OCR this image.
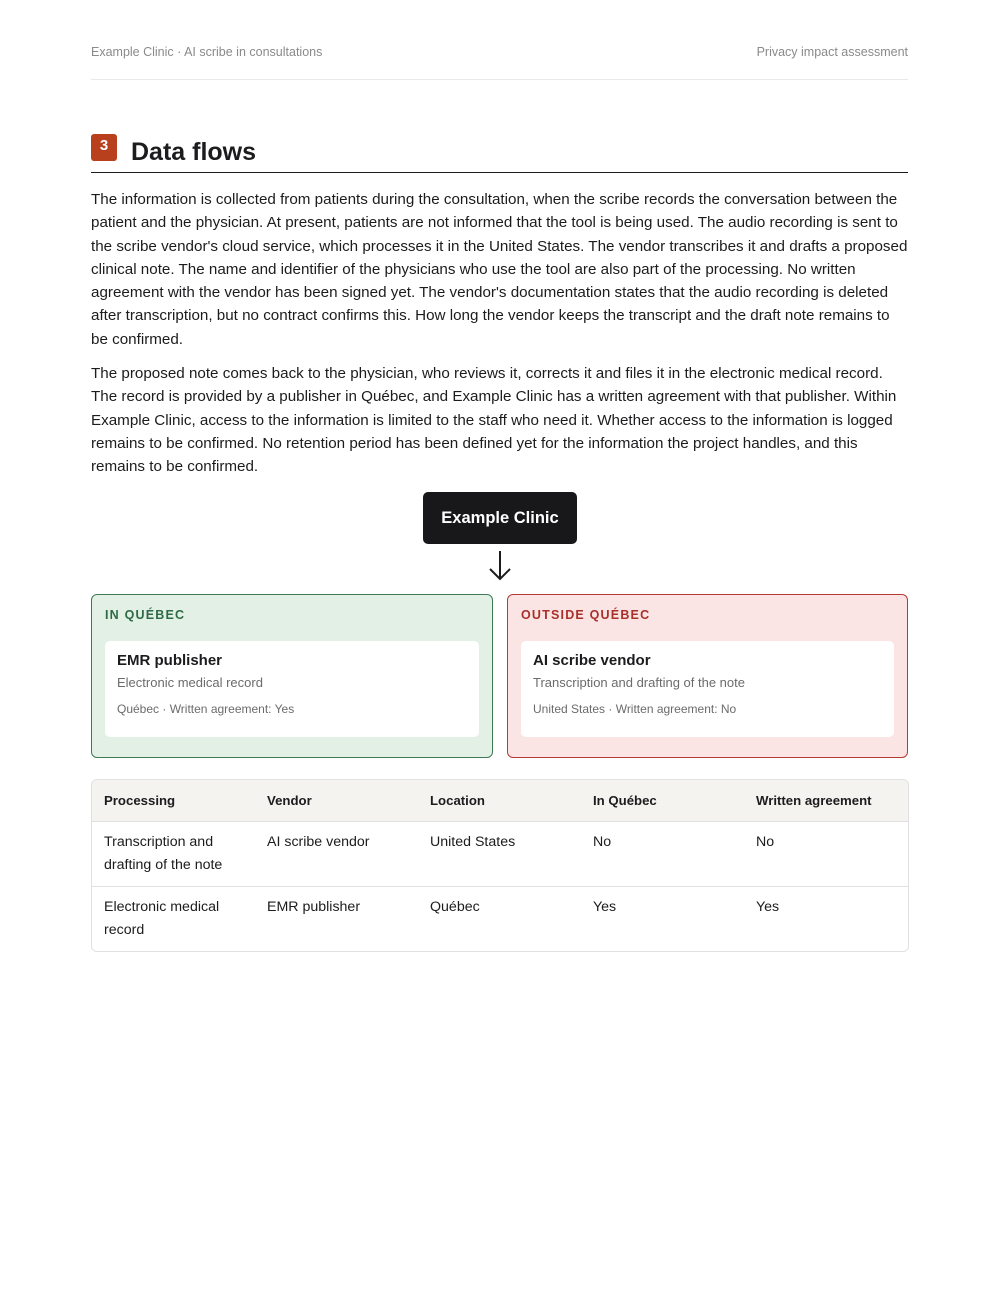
Example Clinic · AI scribe in consultations	Privacy impact assessment
3 Data flows

The information is collected from patients during the consultation, when the scribe records the conversation between the patient and the physician. At present, patients are not informed that the tool is being used. The audio recording is sent to the scribe vendor's cloud service, which processes it in the United States. The vendor transcribes it and drafts a proposed clinical note. The name and identifier of the physicians who use the tool are also part of the processing. No written agreement with the vendor has been signed yet. The vendor's documentation states that the audio recording is deleted after transcription, but no contract confirms this. How long the vendor keeps the transcript and the draft note remains to be confirmed.

The proposed note comes back to the physician, who reviews it, corrects it and files it in the electronic medical record. The record is provided by a publisher in Québec, and Example Clinic has a written agreement with that publisher. Within Example Clinic, access to the information is limited to the staff who need it. Whether access to the information is logged remains to be confirmed. No retention period has been defined yet for the information the project handles, and this remains to be confirmed.

Example Clinic
IN QUÉBEC
EMR publisher
Electronic medical record
Québec · Written agreement: Yes
OUTSIDE QUÉBEC
AI scribe vendor
Transcription and drafting of the note
United States · Written agreement: No
Processing	Vendor	Location	In Québec	Written agreement
Transcription and drafting of the note	AI scribe vendor	United States	No	No
Electronic medical record	EMR publisher	Québec	Yes	Yes
